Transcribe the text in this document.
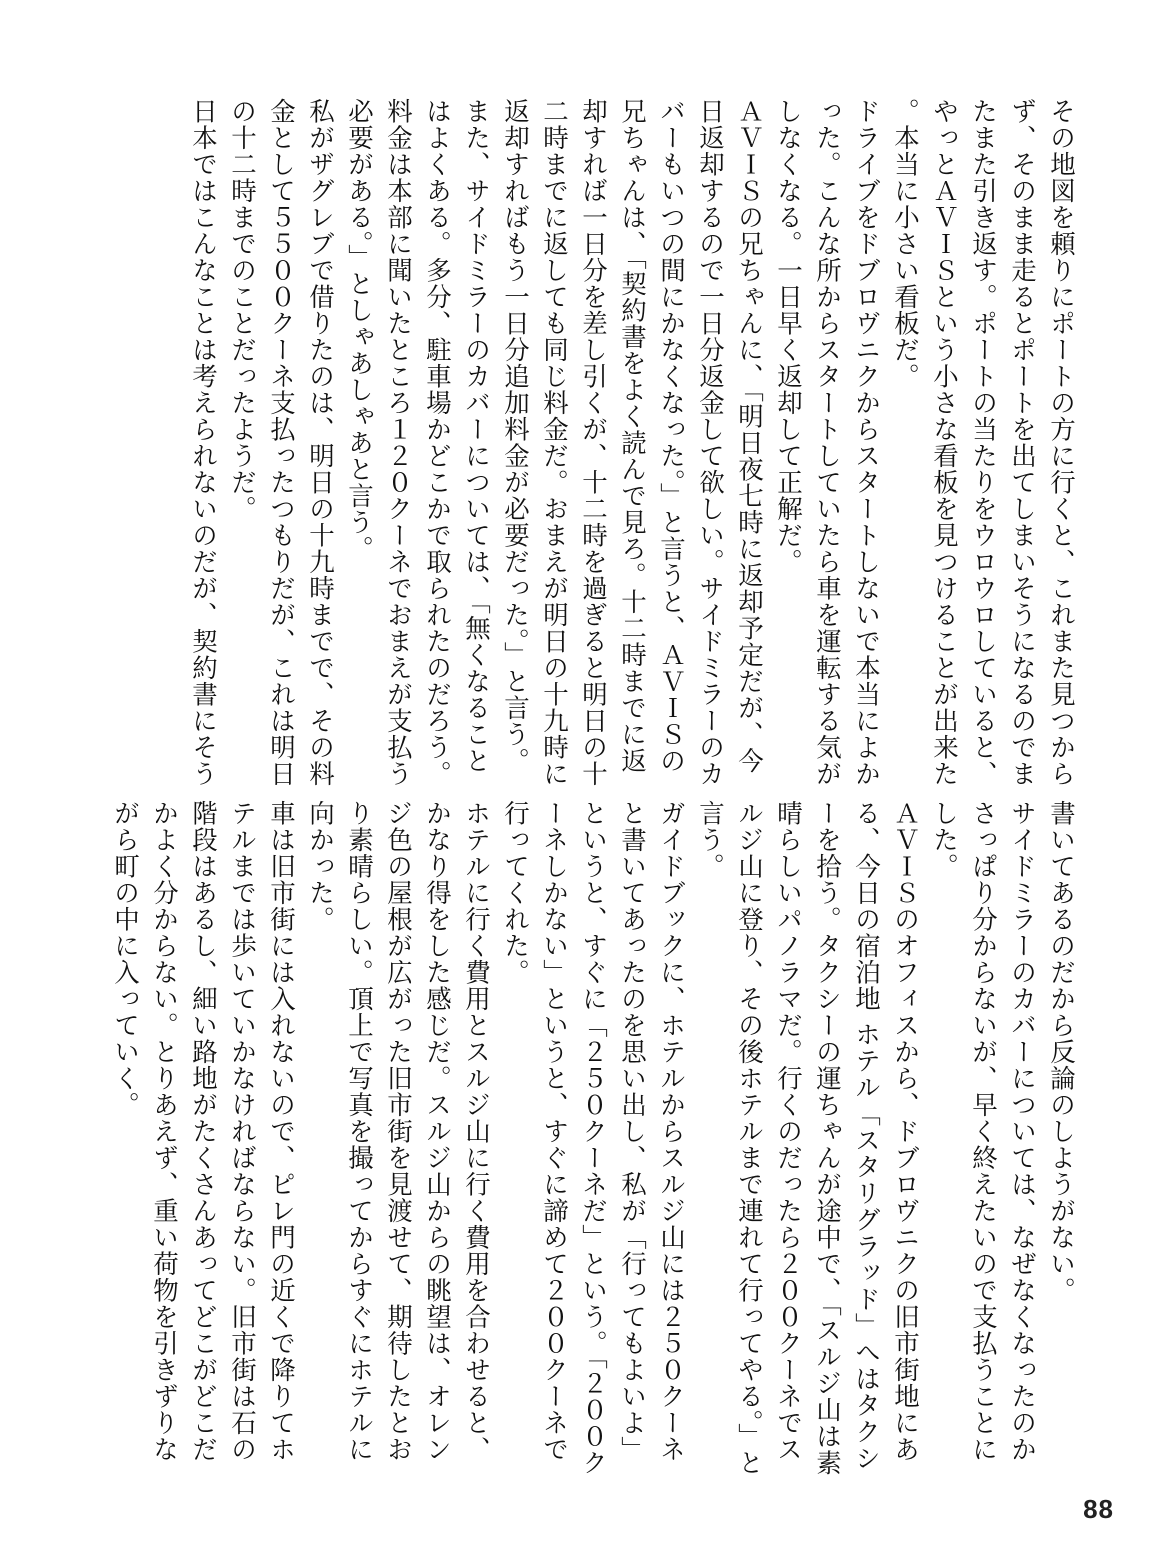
その地図を頼りにポートの方に行くと、これまた見つからず、そのまま走るとポートを出てしまいそうになるのでまたまた引き返す。ポートの当たりをウロウロしていると、やっとＡＶＩＳという小さな看板を見つけることが出来た。本当に小さい看板だ。

ドライブをドブロヴニクからスタートしないで本当によかった。こんな所からスタートしていたら車を運転する気がしなくなる。一日早く返却して正解だ。

ＡＶＩＳの兄ちゃんに、「明日夜七時に返却予定だが、今日返却するので一日分返金して欲しい。サイドミラーのカバーもいつの間にかなくなった。」と言うと、ＡＶＩＳの兄ちゃんは、「契約書をよく読んで見ろ。十二時までに返却すれば一日分を差し引くが、十二時を過ぎると明日の十二時までに返しても同じ料金だ。おまえが明日の十九時に返却すればもう一日分追加料金が必要だった。」と言う。

また、サイドミラーのカバーについては、「無くなることはよくある。多分、駐車場かどこかで取られたのだろう。料金は本部に聞いたところ１２０クーネでおまえが支払う必要がある。」としゃあしゃあと言う。

私がザグレブで借りたのは、明日の十九時までで、その料金として５５００クーネ支払ったつもりだが、これは明日の十二時までのことだったようだ。

日本ではこんなことは考えられないのだが、契約書にそう

書いてあるのだから反論のしようがない。

サイドミラーのカバーについては、なぜなくなったのかさっぱり分からないが、早く終えたいので支払うことにした。

ＡＶＩＳのオフィスから、ドブロヴニクの旧市街地にある、今日の宿泊地 ホテル「スタリグラッド」へはタクシーを拾う。タクシーの運ちゃんが途中で、「スルジ山は素晴らしいパノラマだ。行くのだったら２００クーネでスルジ山に登り、その後ホテルまで連れて行ってやる。」と言う。

ガイドブックに、ホテルからスルジ山には２５０クーネと書いてあったのを思い出し、私が「行ってもよいよ」というと、すぐに「２５０クーネだ」という。「２００クーネしかない」というと、すぐに諦めて２００クーネで行ってくれた。

ホテルに行く費用とスルジ山に行く費用を合わせると、かなり得をした感じだ。スルジ山からの眺望は、オレンジ色の屋根が広がった旧市街を見渡せて、期待したとおり素晴らしい。頂上で写真を撮ってからすぐにホテルに向かった。

車は旧市街には入れないので、ピレ門の近くで降りてホテルまでは歩いていかなければならない。旧市街は石の階段はあるし、細い路地がたくさんあってどこがどこだかよく分からない。とりあえず、重い荷物を引きずりながら町の中に入っていく。

88
